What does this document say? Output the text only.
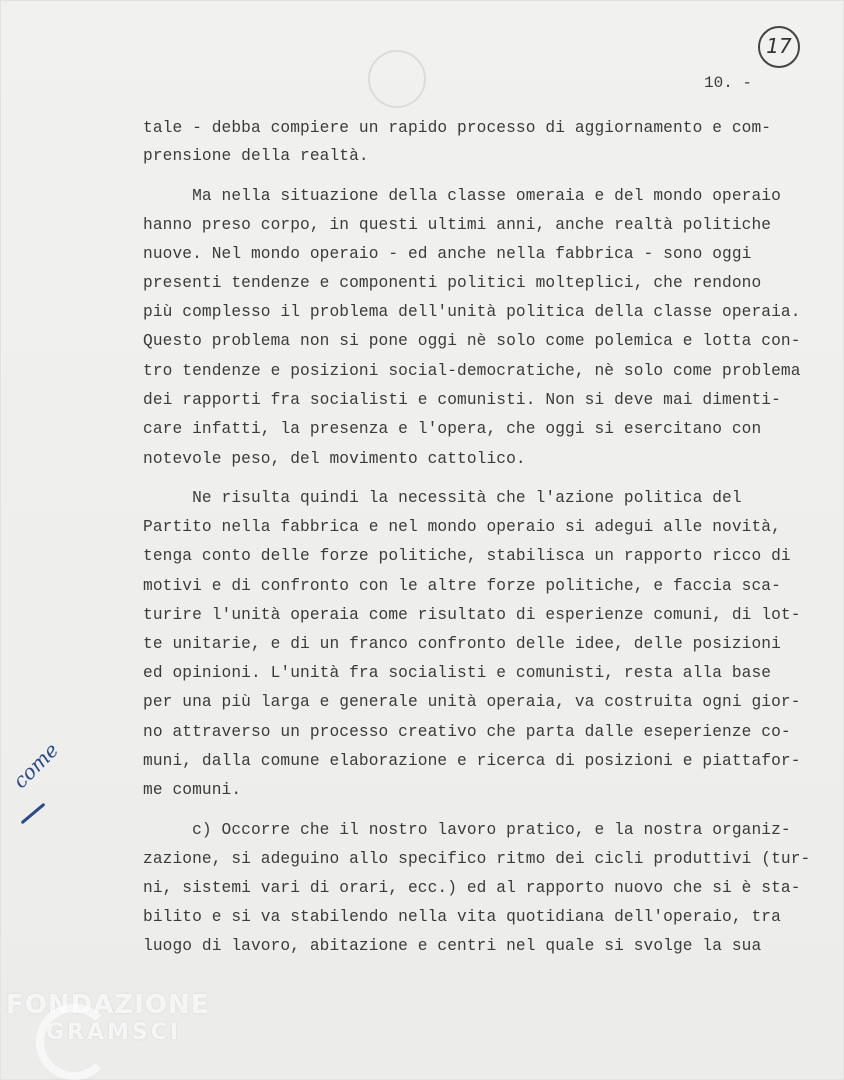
17
10. -
tale - debba compiere un rapido processo di aggiornamento e com-
prensione della realtà.
Ma nella situazione della classe omeraia e del mondo operaio
hanno preso corpo, in questi ultimi anni, anche realtà politiche
nuove. Nel mondo operaio - ed anche nella fabbrica - sono oggi
presenti tendenze e componenti politici molteplici, che rendono
più complesso il problema dell'unità politica della classe operaia.
Questo problema non si pone oggi nè solo come polemica e lotta con-
tro tendenze e posizioni social-democratiche, nè solo come problema
dei rapporti fra socialisti e comunisti. Non si deve mai dimenti-
care infatti, la presenza e l'opera, che oggi si esercitano con
notevole peso, del movimento cattolico.
Ne risulta quindi la necessità che l'azione politica del
Partito nella fabbrica e nel mondo operaio si adegui alle novità,
tenga conto delle forze politiche, stabilisca un rapporto ricco di
motivi e di confronto con le altre forze politiche, e faccia sca-
turire l'unità operaia come risultato di esperienze comuni, di lot-
te unitarie, e di un franco confronto delle idee, delle posizioni
ed opinioni. L'unità fra socialisti e comunisti, resta alla base
per una più larga e generale unità operaia, va costruita ogni gior-
no attraverso un processo creativo che parta dalle eseperienze co-
muni, dalla comune elaborazione e ricerca di posizioni e piattafor-
me comuni.
c) Occorre che il nostro lavoro pratico, e la nostra organiz-
zazione, si adeguino allo specifico ritmo dei cicli produttivi (tur-
ni, sistemi vari di orari, ecc.) ed al rapporto nuovo che si è sta-
bilito e si va stabilendo nella vita quotidiana dell'operaio, tra
luogo di lavoro, abitazione e centri nel quale si svolge la sua
come
FONDAZIONE
GRAMSCI
